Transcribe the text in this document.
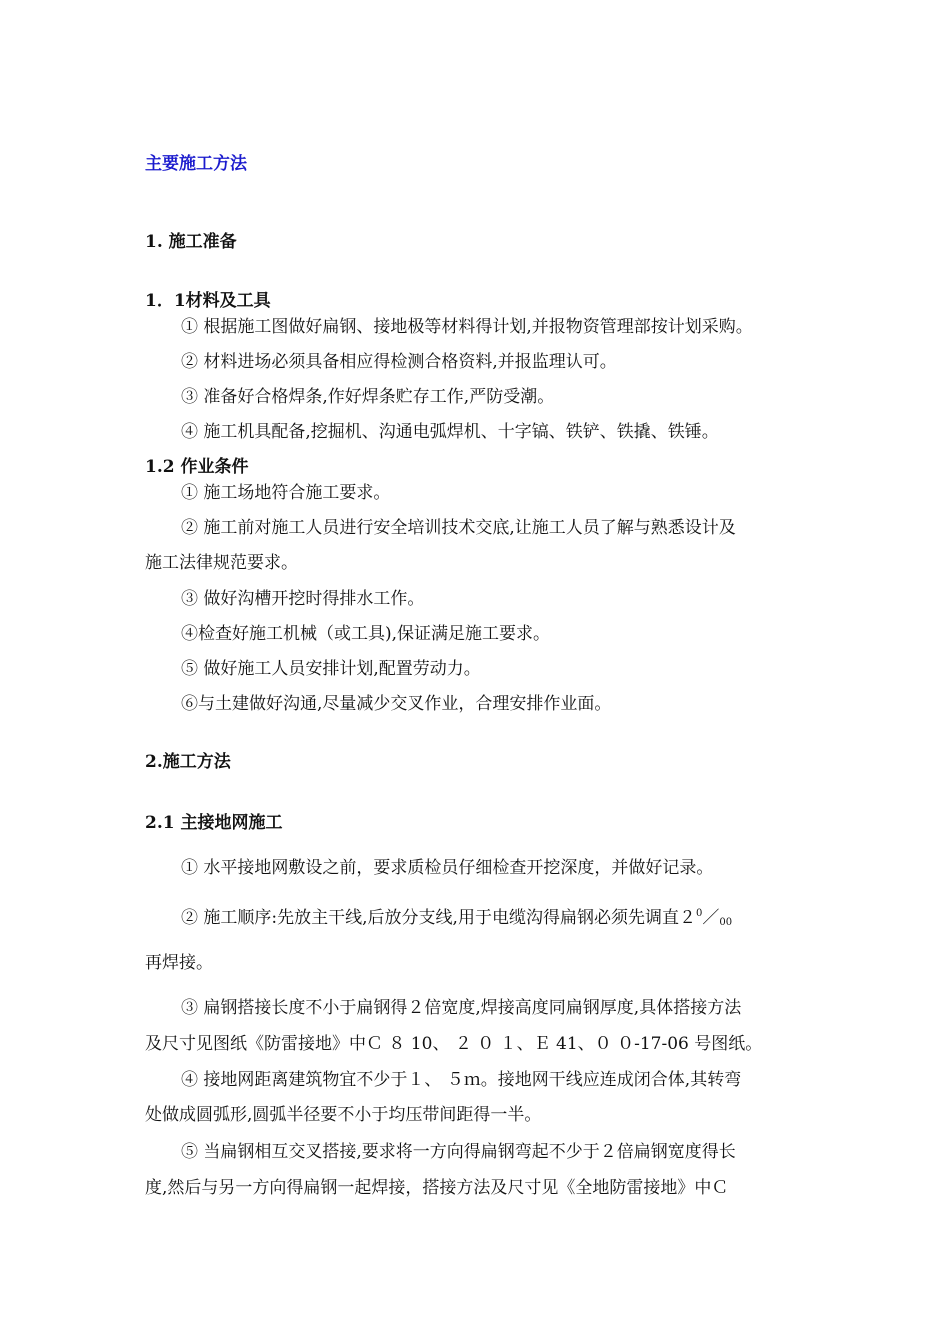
主要施工方法
1. 施工准备
1．1材料及工具
① 根据施工图做好扁钢、接地极等材料得计划,并报物资管理部按计划采购。
② 材料进场必须具备相应得检测合格资料,并报监理认可。
③ 准备好合格焊条,作好焊条贮存工作,严防受潮。
④ 施工机具配备,挖掘机、沟通电弧焊机、十字镐、铁铲、铁撬、铁锤。
1.2 作业条件
① 施工场地符合施工要求。
② 施工前对施工人员进行安全培训技术交底,让施工人员了解与熟悉设计及
施工法律规范要求。
③ 做好沟槽开挖时得排水工作。
④检查好施工机械（或工具),保证满足施工要求。
⑤ 做好施工人员安排计划,配置劳动力。
⑥与土建做好沟通,尽量减少交叉作业，合理安排作业面。
2.施工方法
2.1 主接地网施工
① 水平接地网敷设之前，要求质检员仔细检查开挖深度，并做好记录。
② 施工顺序:先放主干线,后放分支线,用于电缆沟得扁钢必须先调直$2^0/_{00}$
再焊接。
③ 扁钢搭接长度不小于扁钢得２倍宽度,焊接高度同扁钢厚度,具体搭接方法
及尺寸见图纸《防雷接地》中Ｃ ８ 10、 ２ ０ １、Ｅ 41、０ ０-17-06 号图纸。
④ 接地网距离建筑物宜不少于１、 ５ｍ。接地网干线应连成闭合体,其转弯
处做成圆弧形,圆弧半径要不小于均压带间距得一半。
⑤ 当扁钢相互交叉搭接,要求将一方向得扁钢弯起不少于２倍扁钢宽度得长
度,然后与另一方向得扁钢一起焊接，搭接方法及尺寸见《全地防雷接地》中Ｃ
